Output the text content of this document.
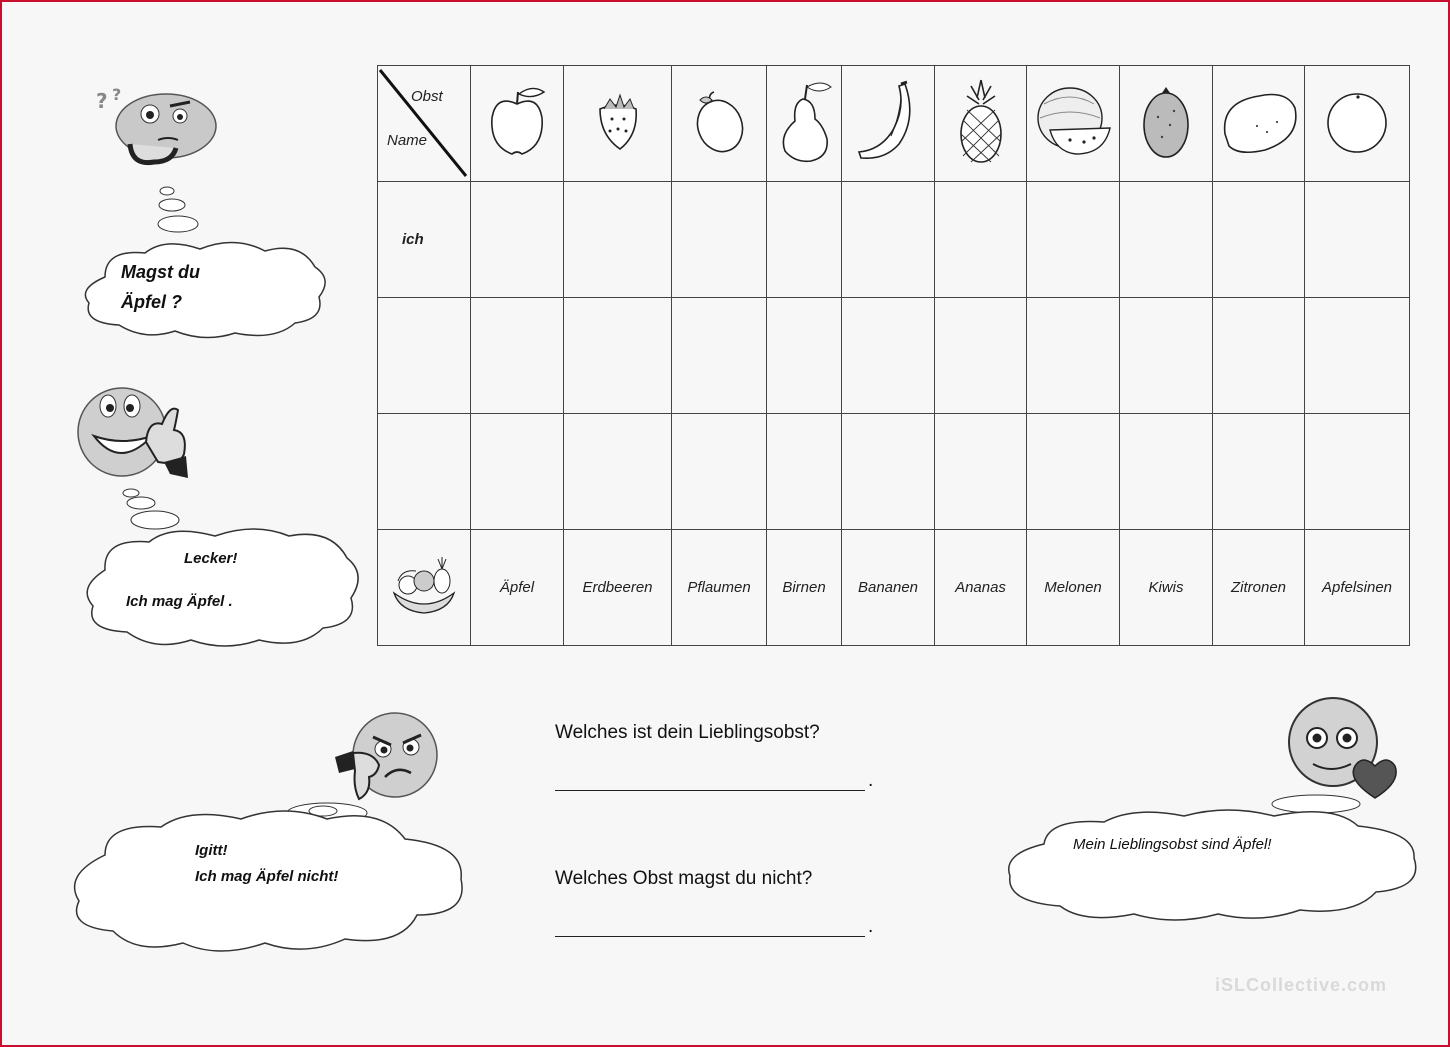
? ?
Magst du
Äpfel ?
Lecker!
Ich mag Äpfel .
Obst
Name

ich										

	Äpfel	Erdbeeren	Pflaumen	Birnen	Bananen	Ananas	Melonen	Kiwis	Zitronen	Apfelsinen
Igitt!
Ich mag Äpfel nicht!
Welches ist dein Lieblingsobst?
.
Welches Obst magst du nicht?
.
Mein Lieblingsobst sind Äpfel!
iSLCollective.com
